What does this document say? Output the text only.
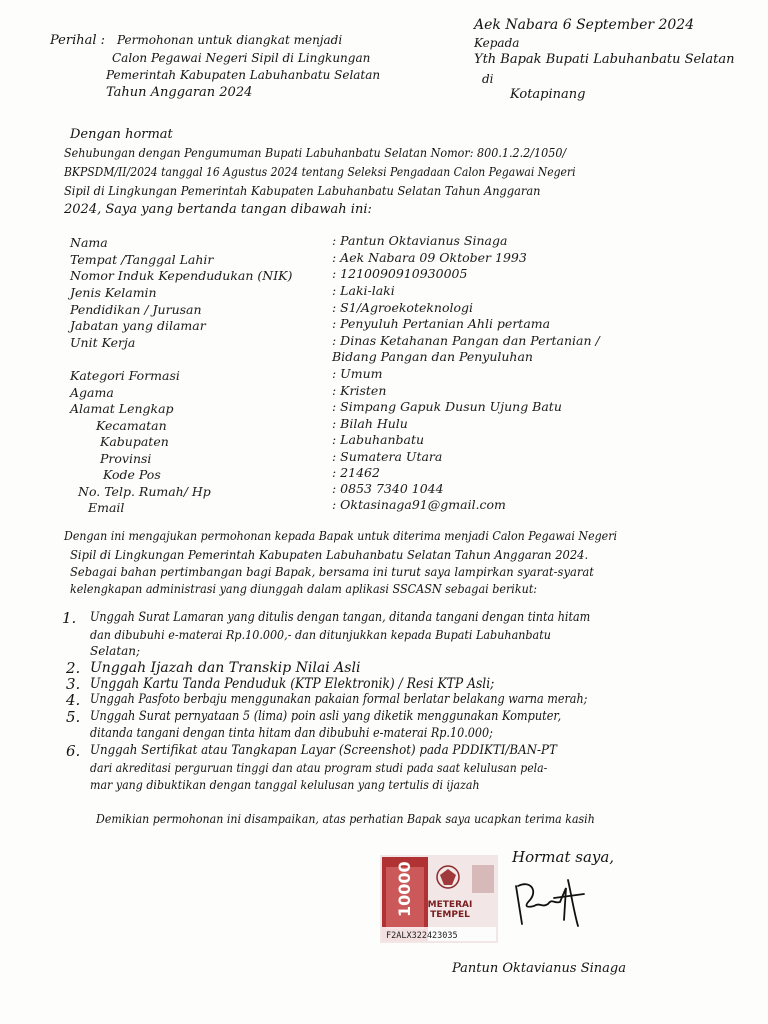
Aek Nabara 6 September 2024
Kepada
Yth Bapak Bupati Labuhanbatu Selatan
di
Kotapinang
Perihal : Permohonan untuk diangkat menjadi
Calon Pegawai Negeri Sipil di Lingkungan
Pemerintah Kabupaten Labuhanbatu Selatan
Tahun Anggaran 2024
Dengan hormat
Sehubungan dengan Pengumuman Bupati Labuhanbatu Selatan Nomor: 800.1.2.2/1050/
BKPSDM/II/2024 tanggal 16 Agustus 2024 tentang Seleksi Pengadaan Calon Pegawai Negeri
Sipil di Lingkungan Pemerintah Kabupaten Labuhanbatu Selatan Tahun Anggaran
2024, Saya yang bertanda tangan dibawah ini:
Nama	: Pantun Oktavianus Sinaga
Tempat /Tanggal Lahir	: Aek Nabara 09 Oktober 1993
Nomor Induk Kependudukan (NIK)	: 1210090910930005
Jenis Kelamin	: Laki-laki
Pendidikan / Jurusan	: S1/Agroekoteknologi
Jabatan yang dilamar	: Penyuluh Pertanian Ahli pertama
Unit Kerja	: Dinas Ketahanan Pangan dan Pertanian /
Bidang Pangan dan Penyuluhan
Kategori Formasi	: Umum
Agama	: Kristen
Alamat Lengkap	: Simpang Gapuk Dusun Ujung Batu
Kecamatan	: Bilah Hulu
Kabupaten	: Labuhanbatu
Provinsi	: Sumatera Utara
Kode Pos	: 21462
No. Telp. Rumah/ Hp	: 0853 7340 1044
Email	: Oktasinaga91@gmail.com
Dengan ini mengajukan permohonan kepada Bapak untuk diterima menjadi Calon Pegawai Negeri
Sipil di Lingkungan Pemerintah Kabupaten Labuhanbatu Selatan Tahun Anggaran 2024.
Sebagai bahan pertimbangan bagi Bapak, bersama ini turut saya lampirkan syarat-syarat
kelengkapan administrasi yang diunggah dalam aplikasi SSCASN sebagai berikut:
1. Unggah Surat Lamaran yang ditulis dengan tangan, ditanda tangani dengan tinta hitam
dan dibubuhi e-materai Rp.10.000,- dan ditunjukkan kepada Bupati Labuhanbatu
Selatan;
2. Unggah Ijazah dan Transkip Nilai Asli
3. Unggah Kartu Tanda Penduduk (KTP Elektronik) / Resi KTP Asli;
4. Unggah Pasfoto berbaju menggunakan pakaian formal berlatar belakang warna merah;
5. Unggah Surat pernyataan 5 (lima) poin asli yang diketik menggunakan Komputer,
ditanda tangani dengan tinta hitam dan dibubuhi e-materai Rp.10.000;
6. Unggah Sertifikat atau Tangkapan Layar (Screenshot) pada PDDIKTI/BAN-PT
dari akreditasi perguruan tinggi dan atau program studi pada saat kelulusan pela-
mar yang dibuktikan dengan tanggal kelulusan yang tertulis di ijazah
Demikian permohonan ini disampaikan, atas perhatian Bapak saya ucapkan terima kasih
Hormat saya,
10000 METERAI
TEMPEL
F2ALX322423035
Pantun Oktavianus Sinaga
